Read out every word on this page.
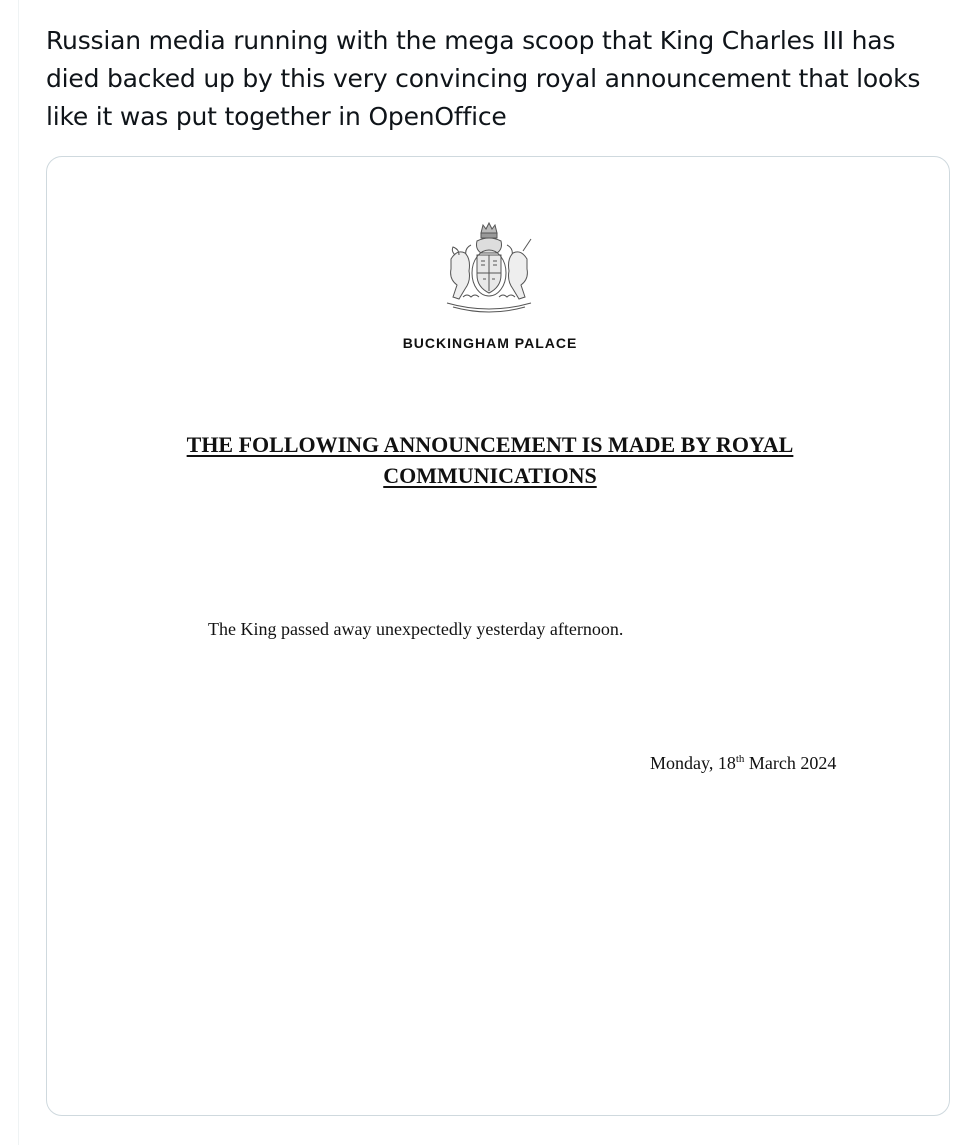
Russian media running with the mega scoop that King Charles III has died backed up by this very convincing royal announcement that looks like it was put together in OpenOffice
BUCKINGHAM PALACE
THE FOLLOWING ANNOUNCEMENT IS MADE BY ROYAL
COMMUNICATIONS
The King passed away unexpectedly yesterday afternoon.
Monday, 18th March 2024
